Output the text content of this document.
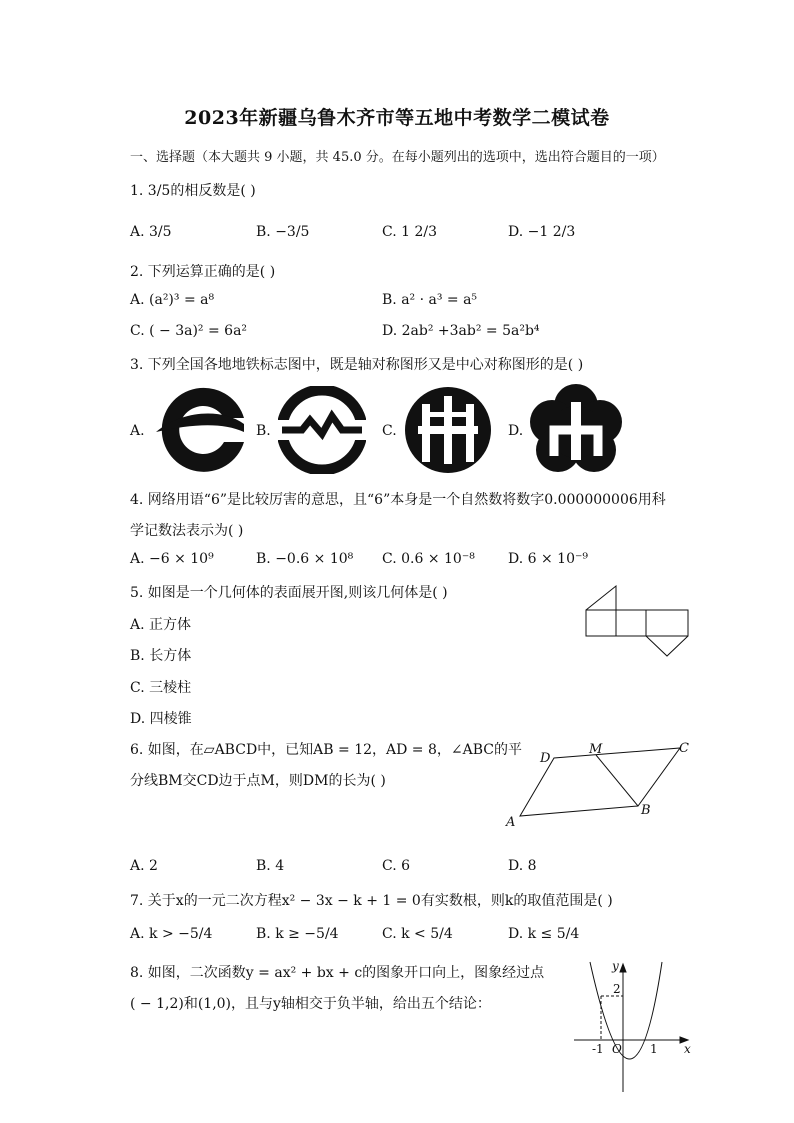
2023年新疆乌鲁木齐市等五地中考数学二模试卷
一、选择题（本大题共 9 小题，共 45.0 分。在每小题列出的选项中，选出符合题目的一项）
1. 3/5的相反数是( )
A. 3/5	B. −3/5	C. 1 2/3	D. −1 2/3
2. 下列运算正确的是( )
A. (a²)³ = a⁸	B. a² · a³ = a⁵
C. ( − 3a)² = 6a²	D. 2ab² +3ab² = 5a²b⁴
3. 下列全国各地地铁标志图中，既是轴对称图形又是中心对称图形的是( )
A.	B.	C.	D.
4. 网络用语“6”是比较厉害的意思，且“6”本身是一个自然数将数字0.000000006用科
学记数法表示为( )
A. −6 × 10⁹	B. −0.6 × 10⁸ C. 0.6 × 10⁻⁸ D. 6 × 10⁻⁹
5. 如图是一个几何体的表面展开图,则该几何体是( )
A. 正方体
B. 长方体
C. 三棱柱
D. 四棱锥
6. 如图，在▱ABCD中，已知AB = 12，AD = 8，∠ABC的平
分线BM交CD边于点M，则DM的长为( )
D
M	C
B
A
A. 2	B. 4	C. 6	D. 8
7. 关于x的一元二次方程x² − 3x − k + 1 = 0有实数根，则k的取值范围是( )
A. k > −5/4	B. k ≥ −5/4	C. k < 5/4	D. k ≤ 5/4
8. 如图，二次函数y = ax² + bx + c的图象开口向上，图象经过点
( − 1,2)和(1,0)，且与y轴相交于负半轴，给出五个结论：
y
2
-1 O 1 x
